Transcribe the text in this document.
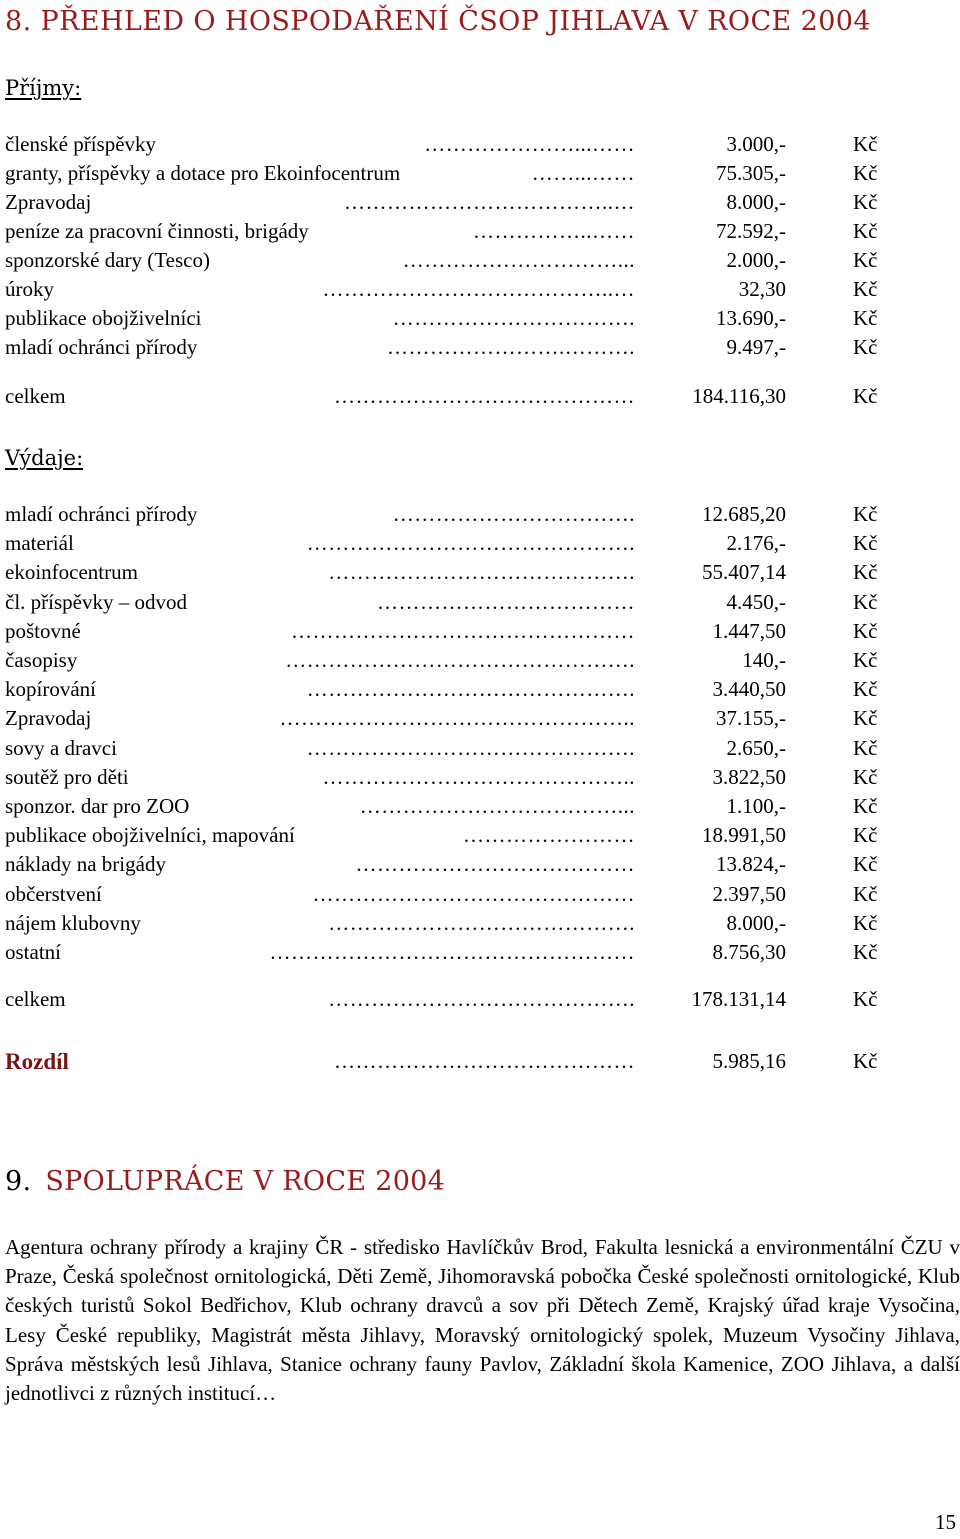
8. PŘEHLED O HOSPODAŘENÍ ČSOP JIHLAVA V ROCE 2004
Příjmy:
členské příspěvky	…………………...……	3.000,-	Kč
granty, příspěvky a dotace pro Ekoinfocentrum	……...……	75.305,-	Kč
Zpravodaj	………………………………..…	8.000,-	Kč
peníze za pracovní činnosti, brigády	……………..……	72.592,-	Kč
sponzorské dary (Tesco)	…………………………...	2.000,-	Kč
úroky	…………………………………..…	32,30	Kč
publikace obojživelníci	…………………………….	13.690,-	Kč
mladí ochránci přírody	…………………….……….	9.497,-	Kč
celkem	……………………………………	184.116,30	Kč
Výdaje:
mladí ochránci přírody	…………………………….	12.685,20	Kč
materiál	……………………………………….	2.176,-	Kč
ekoinfocentrum	…………………………………….	55.407,14	Kč
čl. příspěvky – odvod	………………………………	4.450,-	Kč
poštovné	…………………………………………	1.447,50	Kč
časopisy	………………………………………….	140,-	Kč
kopírování	……………………………………….	3.440,50	Kč
Zpravodaj	…………………………………………..	37.155,-	Kč
sovy a dravci	……………………………………….	2.650,-	Kč
soutěž pro děti	……………………………………..	3.822,50	Kč
sponzor. dar pro ZOO	………………………………...	1.100,-	Kč
publikace obojživelníci, mapování	……………………	18.991,50	Kč
náklady na brigády	…………………………………	13.824,-	Kč
občerstvení	………………………………………	2.397,50	Kč
nájem klubovny	…………………………………….	8.000,-	Kč
ostatní	……………………………………………	8.756,30	Kč
celkem	…………………………………….	178.131,14	Kč
Rozdíl	……………………………………	5.985,16	Kč
9. SPOLUPRÁCE V ROCE 2004

Agentura ochrany přírody a krajiny ČR - středisko Havlíčkův Brod, Fakulta lesnická a environmentální ČZU v Praze, Česká společnost ornitologická, Děti Země, Jihomoravská pobočka České společnosti ornitologické, Klub českých turistů Sokol Bedřichov, Klub ochrany dravců a sov při Dětech Země, Krajský úřad kraje Vysočina, Lesy České republiky, Magistrát města Jihlavy, Moravský ornitologický spolek, Muzeum Vysočiny Jihlava, Správa městských lesů Jihlava, Stanice ochrany fauny Pavlov, Základní škola Kamenice, ZOO Jihlava, a další jednotlivci z různých institucí…

15
